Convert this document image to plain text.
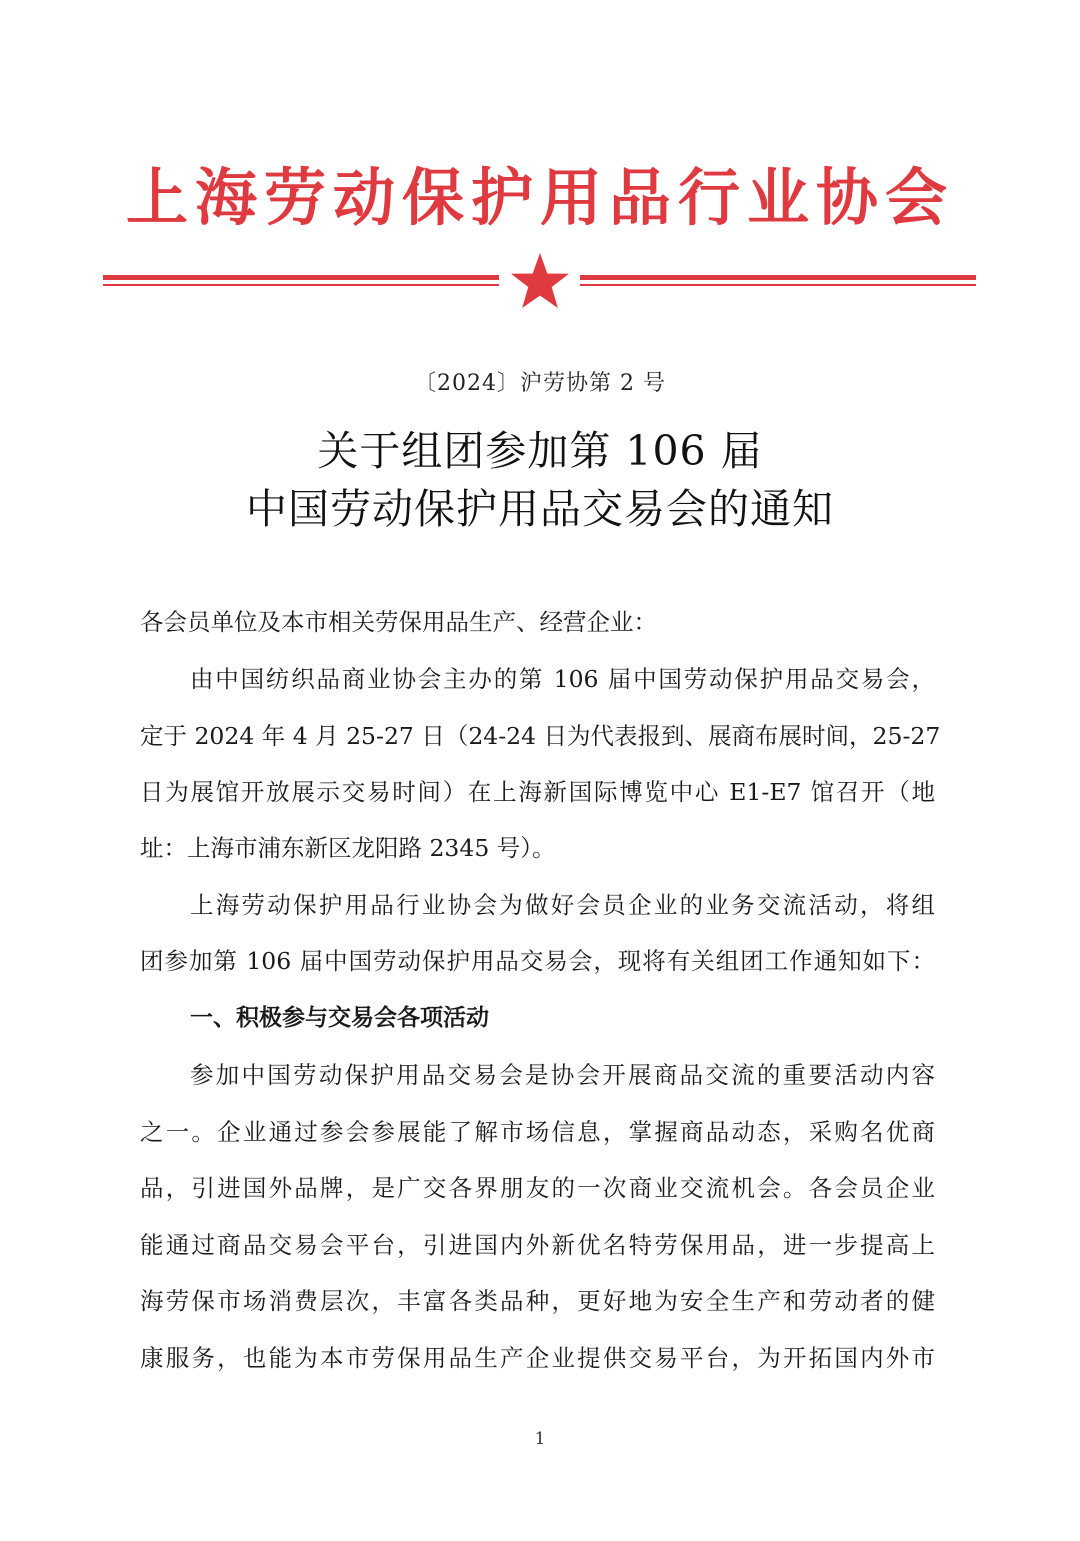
上海劳动保护用品行业协会
〔2024〕沪劳协第 2 号
关于组团参加第 106 届
中国劳动保护用品交易会的通知
各会员单位及本市相关劳保用品生产、经营企业：
由中国纺织品商业协会主办的第 106 届中国劳动保护用品交易会，
定于 2024 年 4 月 25-27 日（24-24 日为代表报到、展商布展时间，25-27
日为展馆开放展示交易时间）在上海新国际博览中心 E1-E7 馆召开（地
址：上海市浦东新区龙阳路 2345 号）。
上海劳动保护用品行业协会为做好会员企业的业务交流活动，将组
团参加第 106 届中国劳动保护用品交易会，现将有关组团工作通知如下：
一、积极参与交易会各项活动
参加中国劳动保护用品交易会是协会开展商品交流的重要活动内容
之一。企业通过参会参展能了解市场信息，掌握商品动态，采购名优商
品，引进国外品牌，是广交各界朋友的一次商业交流机会。各会员企业
能通过商品交易会平台，引进国内外新优名特劳保用品，进一步提高上
海劳保市场消费层次，丰富各类品种，更好地为安全生产和劳动者的健
康服务，也能为本市劳保用品生产企业提供交易平台，为开拓国内外市
1
